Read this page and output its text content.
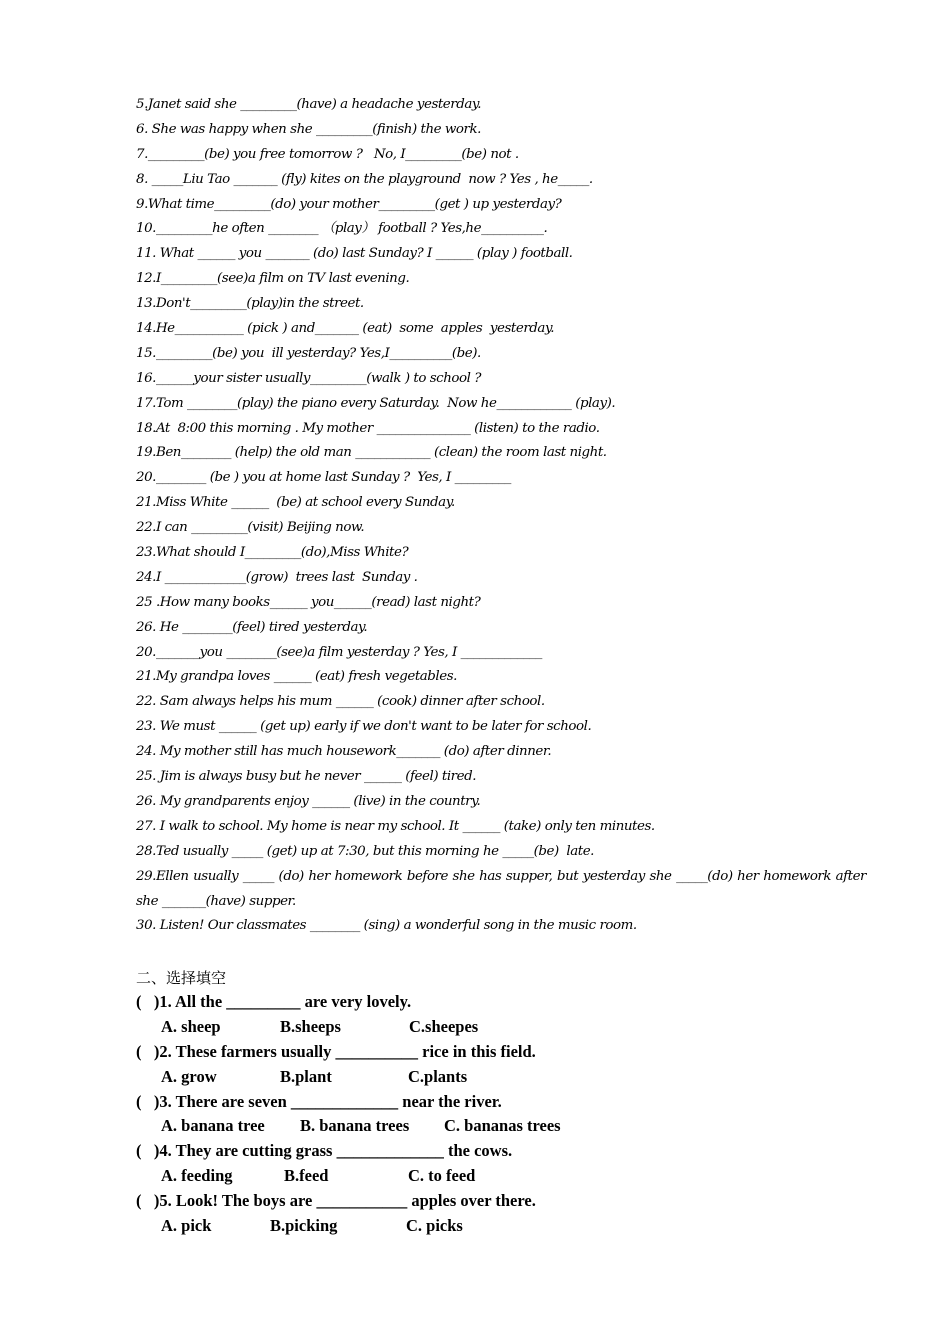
5.Janet said she _________(have) a headache yesterday.
6. She was happy when she _________(finish) the work.
7._________(be) you free tomorrow ?   No, I_________(be) not .
8. _____Liu Tao _______ (fly) kites on the playground  now ? Yes , he_____.
9.What time_________(do) your mother_________(get ) up yesterday?
10._________he often ________ （play） football ? Yes,he__________.
11. What ______ you _______ (do) last Sunday? I ______ (play ) football.
12.I_________(see)a film on TV last evening.
13.Don't_________(play)in the street.
14.He___________ (pick ) and_______ (eat)  some  apples  yesterday.
15._________(be) you  ill yesterday? Yes,I__________(be).
16.______your sister usually_________(walk ) to school ?
17.Tom ________(play) the piano every Saturday.  Now he____________ (play).
18.At  8:00 this morning . My mother _______________ (listen) to the radio.
19.Ben________ (help) the old man ____________ (clean) the room last night.
20.________ (be ) you at home last Sunday ?  Yes, I _________
21.Miss White ______  (be) at school every Sunday.
22.I can _________(visit) Beijing now.
23.What should I_________(do),Miss White?
24.I _____________(grow)  trees last  Sunday .
25 .How many books______ you______(read) last night?
26. He ________(feel) tired yesterday.
20._______you ________(see)a film yesterday ? Yes, I _____________
21.My grandpa loves ______ (eat) fresh vegetables.
22. Sam always helps his mum ______ (cook) dinner after school.
23. We must ______ (get up) early if we don't want to be later for school.
24. My mother still has much housework_______ (do) after dinner.
25. Jim is always busy but he never ______ (feel) tired.
26. My grandparents enjoy ______ (live) in the country.
27. I walk to school. My home is near my school. It ______ (take) only ten minutes.
28.Ted usually _____ (get) up at 7:30, but this morning he _____(be)  late.
29.Ellen usually _____ (do) her homework before she has supper, but yesterday she _____(do) her homework after she _______(have) supper.
30. Listen! Our classmates ________ (sing) a wonderful song in the music room.
二、选择填空
(   )1. All the _________ are very lovely.
A. sheep	B.sheeps	C.sheepes
(   )2. These farmers usually __________ rice in this field.
A. grow	B.plant	C.plants
(   )3. There are seven _____________ near the river.
A. banana tree B. banana trees C. bananas trees
(   )4. They are cutting grass _____________ the cows.
A. feeding	B.feed	C. to feed
(   )5. Look! The boys are ___________ apples over there.
A. pick	B.picking	C. picks
